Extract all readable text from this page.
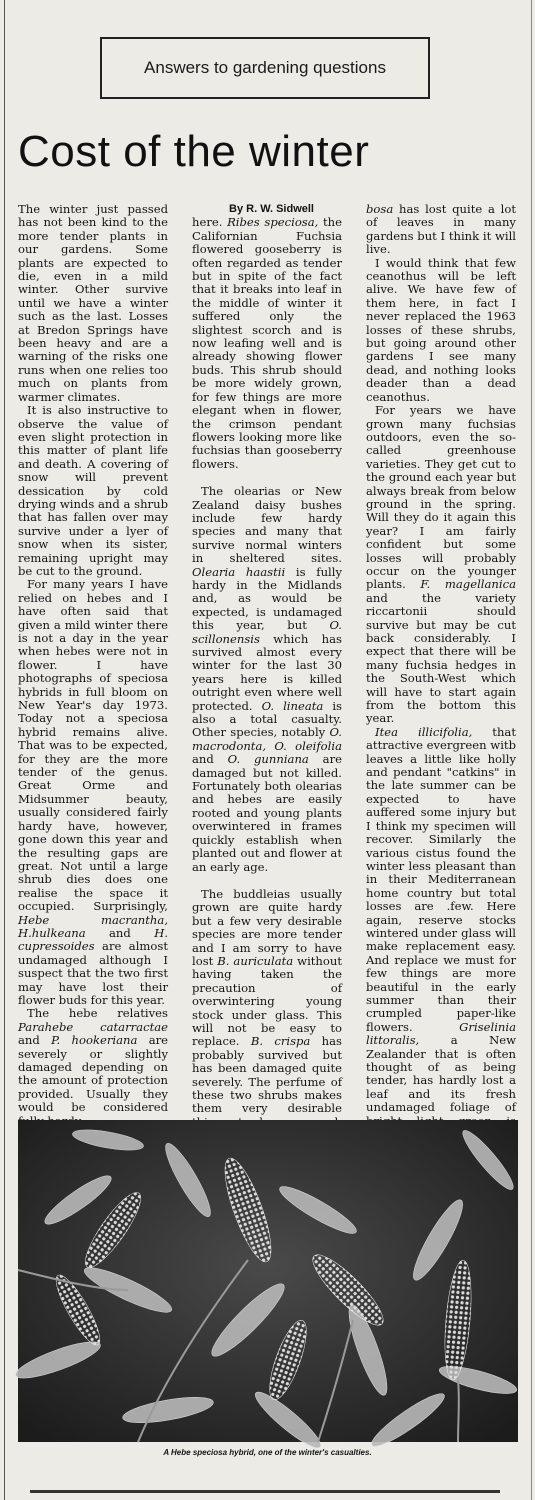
Answers to gardening questions
Cost of the winter

The winter just passed has not been kind to the more tender plants in our gardens. Some plants are expected to die, even in a mild winter. Other survive until we have a winter such as the last. Losses at Bredon Springs have been heavy and are a warning of the risks one runs when one relies too much on plants from warmer climates.

It is also instructive to observe the value of even slight protection in this matter of plant life and death. A covering of snow will prevent dessication by cold drying winds and a shrub that has fallen over may survive under a lyer of snow when its sister, remaining upright may be cut to the ground.

For many years I have relied on hebes and I have often said that given a mild winter there is not a day in the year when hebes were not in flower. I have photographs of speciosa hybrids in full bloom on New Year's day 1973. Today not a speciosa hybrid remains alive. That was to be expected, for they are the more tender of the genus. Great Orme and Midsummer beauty, usually considered fairly hardy have, however, gone down this year and the resulting gaps are great. Not until a large shrub dies does one realise the space it occupied. Surprisingly, Hebe macrantha, H.hulkeana and H. cupressoides are almost undamaged although I suspect that the two first may have lost their flower buds for this year.

The hebe relatives Parahebe catarractae and P. hookeriana are severely or slightly damaged depending on the amount of protection provided. Usually they would be considered

By R. W. Sidwell

here. Ribes speciosa, the Californian Fuchsia flowered gooseberry is often regarded as tender but in spite of the fact that it breaks into leaf in the middle of winter it suffered only the slightest scorch and is now leafing well and is already showing flower buds. This shrub should be more widely grown, for few things are more elegant when in flower, the crimson pendant flowers looking more like fuchsias than gooseberry flowers.

The olearias or New Zealand daisy bushes include few hardy species and many that survive normal winters in sheltered sites. Olearia haastii is fully hardy in the Midlands and, as would be expected, is undamaged this year, but O. scillonensis which has survived almost every winter for the last 30 years here is killed outright even where well protected. O. lineata is also a total casualty. Other species, notably O. macrodonta, O. oleifolia and O. gunniana are damaged but not killed. Fortunately both olearias and hebes are easily rooted and young plants overwintered in frames quickly establish when planted out and flower at an early age.

The buddleias usually grown are quite hardy but a few very desirable species are more tender and I am sorry to have lost B. auriculata without having taken the precaution of overwintering young stock under glass. This will not be easy to replace. B. crispa has probably survived but has been damaged quite severely. The perfume of these two shrubs makes them very desirable

bosa has lost quite a lot of leaves in many gardens but I think it will live.

I would think that few ceanothus will be left alive. We have few of them here, in fact I never replaced the 1963 losses of these shrubs, but going around other gardens I see many dead, and nothing looks deader than a dead ceanothus.

For years we have grown many fuchsias outdoors, even the so-called greenhouse varieties. They get cut to the ground each year but always break from below ground in the spring. Will they do it again this year? I am fairly confident but some losses will probably occur on the younger plants. F. magellanica and the variety riccartonii should survive but may be cut back considerably. I expect that there will be many fuchsia hedges in the South-West which will have to start again from the bottom this year.

Itea illicifolia, that attractive evergreen witb leaves a little like holly and pendant "catkins" in the late summer can be expected to have auffered some injury but I think my specimen will recover. Similarly the various cistus found the winter less pleasant than in their Mediterranean home country but total losses are .few. Here again, reserve stocks wintered under glass will make replacement easy. And replace we must for few things are more beautiful in the early summer than their crumpled paper-like flowers.	Griselinia littoralis,	a New Zealander that is often thought of as being tender, has hardly lost a leaf and its fresh undamaged foliage of

A Hebe speciosa hybrid, one of the winter's casualties.
